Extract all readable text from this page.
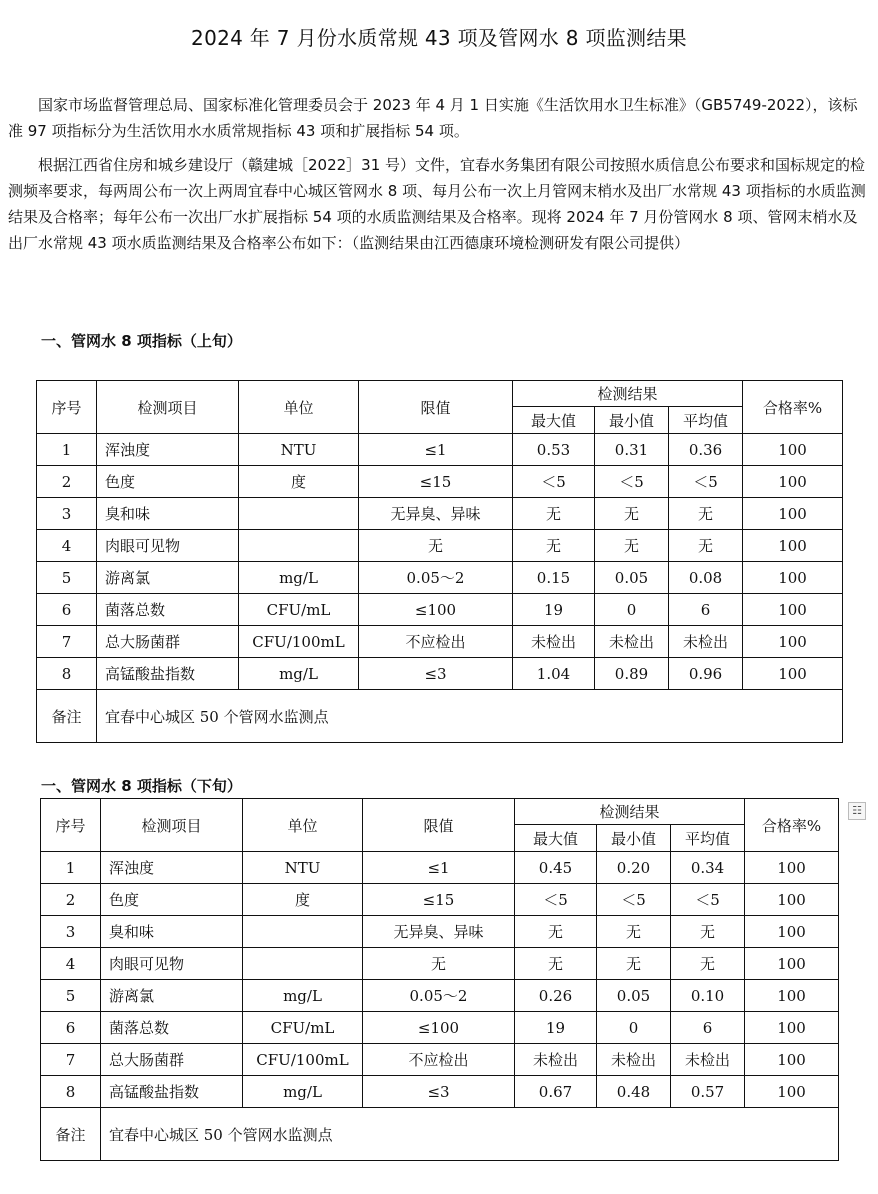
2024 年 7 月份水质常规 43 项及管网水 8 项监测结果
国家市场监督管理总局、国家标准化管理委员会于 2023 年 4 月 1 日实施《生活饮用水卫生标准》（GB5749-2022），该标准 97 项指标分为生活饮用水水质常规指标 43 项和扩展指标 54 项。
根据江西省住房和城乡建设厅（赣建城［2022］31 号）文件，宜春水务集团有限公司按照水质信息公布要求和国标规定的检测频率要求，每两周公布一次上两周宜春中心城区管网水 8 项、每月公布一次上月管网末梢水及出厂水常规 43 项指标的水质监测结果及合格率；每年公布一次出厂水扩展指标 54 项的水质监测结果及合格率。现将 2024 年 7 月份管网水 8 项、管网末梢水及出厂水常规 43 项水质监测结果及合格率公布如下：（监测结果由江西德康环境检测研发有限公司提供）
一、管网水 8 项指标（上旬）
序号	检测项目	单位	限值	检测结果			合格率%
				最大值	最小值	平均值	
1	浑浊度	NTU	≤1	0.53	0.31	0.36	100
2	色度	度	≤15	＜5	＜5	＜5	100
3	臭和味		无异臭、异味	无	无	无	100
4	肉眼可见物		无	无	无	无	100
5	游离氯	mg/L	0.05～2	0.15	0.05	0.08	100
6	菌落总数	CFU/mL	≤100	19	0	6	100
7	总大肠菌群	CFU/100mL	不应检出	未检出	未检出	未检出	100
8	高锰酸盐指数	mg/L	≤3	1.04	0.89	0.96	100
备注	宜春中心城区 50 个管网水监测点						
一、管网水 8 项指标（下旬）
序号	检测项目	单位	限值	检测结果			合格率%
				最大值	最小值	平均值	
1	浑浊度	NTU	≤1	0.45	0.20	0.34	100
2	色度	度	≤15	＜5	＜5	＜5	100
3	臭和味		无异臭、异味	无	无	无	100
4	肉眼可见物		无	无	无	无	100
5	游离氯	mg/L	0.05～2	0.26	0.05	0.10	100
6	菌落总数	CFU/mL	≤100	19	0	6	100
7	总大肠菌群	CFU/100mL	不应检出	未检出	未检出	未检出	100
8	高锰酸盐指数	mg/L	≤3	0.67	0.48	0.57	100
备注	宜春中心城区 50 个管网水监测点						
☷
